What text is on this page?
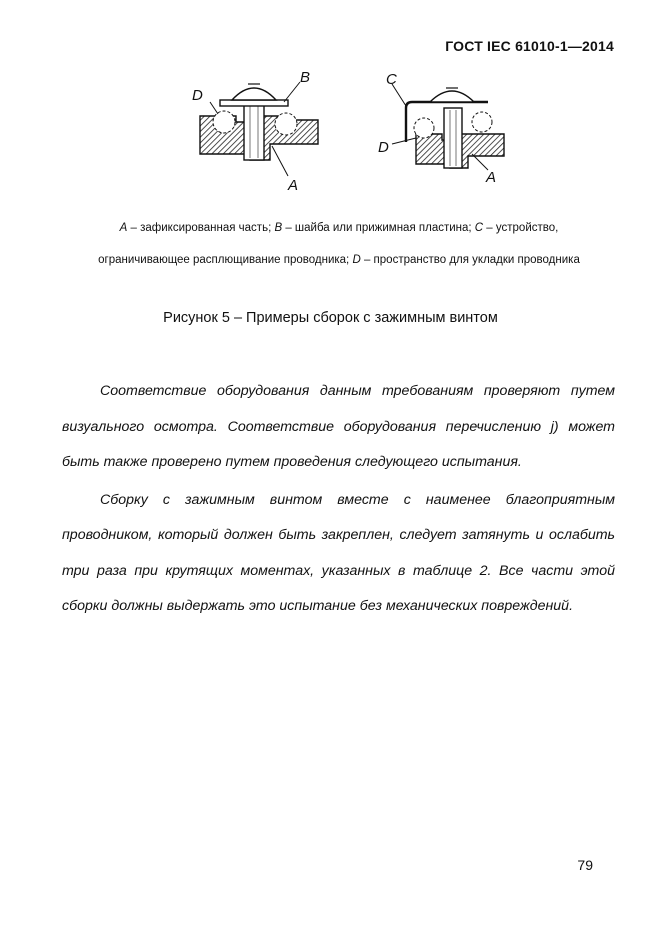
ГОСТ IEC 61010-1—2014
D
B
A
C
D
A
A – зафиксированная часть; B – шайба или прижимная пластина; C – устройство, ограничивающее расплющивание проводника; D – пространство для укладки проводника
Рисунок 5 – Примеры сборок с зажимным винтом

Соответствие оборудования данным требованиям проверяют путем визуального осмотра. Соответствие оборудования перечислению j) может быть также проверено путем проведения следующего испытания.

Сборку с зажимным винтом вместе с наименее благоприятным проводником, который должен быть закреплен, следует затянуть и ослабить три раза при крутящих моментах, указанных в таблице 2. Все части этой сборки должны выдержать это испытание без механических повреждений.

79
